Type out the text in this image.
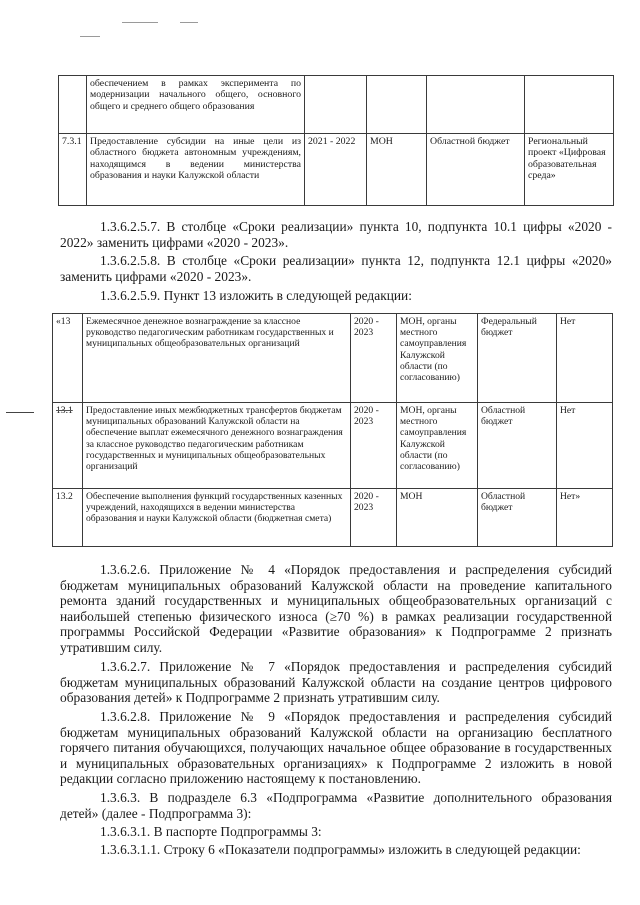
	обеспечением в рамках эксперимента по модернизации начального общего, основного общего и среднего общего образования				
7.3.1	Предоставление субсидии на иные цели из областного бюджета автономным учреждениям, находящимся в ведении министерства образования и науки Калужской области	2021 - 2022	МОН	Областной бюджет	Региональный проект «Цифровая образовательная среда»

1.3.6.2.5.7. В столбце «Сроки реализации» пункта 10, подпункта 10.1 цифры «2020 - 2022» заменить цифрами «2020 - 2023».

1.3.6.2.5.8. В столбце «Сроки реализации» пункта 12, подпункта 12.1 цифры «2020» заменить цифрами «2020 - 2023».

1.3.6.2.5.9. Пункт 13 изложить в следующей редакции:

«13	Ежемесячное денежное вознаграждение за классное руководство педагогическим работникам государственных и муниципальных общеобразовательных организаций	2020 - 2023	МОН, органы местного самоуправления Калужской области (по согласованию)	Федеральный бюджет	Нет
13.1	Предоставление иных межбюджетных трансфертов бюджетам муниципальных образований Калужской области на обеспечение выплат ежемесячного денежного вознаграждения за классное руководство педагогическим работникам государственных и муниципальных общеобразовательных организаций	2020 - 2023	МОН, органы местного самоуправления Калужской области (по согласованию)	Областной бюджет	Нет
13.2	Обеспечение выполнения функций государственных казенных учреждений, находящихся в ведении министерства образования и науки Калужской области (бюджетная смета)	2020 - 2023	МОН	Областной бюджет	Нет»

1.3.6.2.6. Приложение № 4 «Порядок предоставления и распределения субсидий бюджетам муниципальных образований Калужской области на проведение капитального ремонта зданий государственных и муниципальных общеобразовательных организаций с наибольшей степенью физического износа (≥70 %) в рамках реализации государственной программы Российской Федерации «Развитие образования» к Подпрограмме 2 признать утратившим силу.

1.3.6.2.7. Приложение № 7 «Порядок предоставления и распределения субсидий бюджетам муниципальных образований Калужской области на создание центров цифрового образования детей» к Подпрограмме 2 признать утратившим силу.

1.3.6.2.8. Приложение № 9 «Порядок предоставления и распределения субсидий бюджетам муниципальных образований Калужской области на организацию бесплатного горячего питания обучающихся, получающих начальное общее образование в государственных и муниципальных образовательных организациях» к Подпрограмме 2 изложить в новой редакции согласно приложению настоящему к постановлению.

1.3.6.3. В подразделе 6.3 «Подпрограмма «Развитие дополнительного образования детей» (далее - Подпрограмма 3):

1.3.6.3.1. В паспорте Подпрограммы 3:

1.3.6.3.1.1. Строку 6 «Показатели подпрограммы» изложить в следующей редакции:
